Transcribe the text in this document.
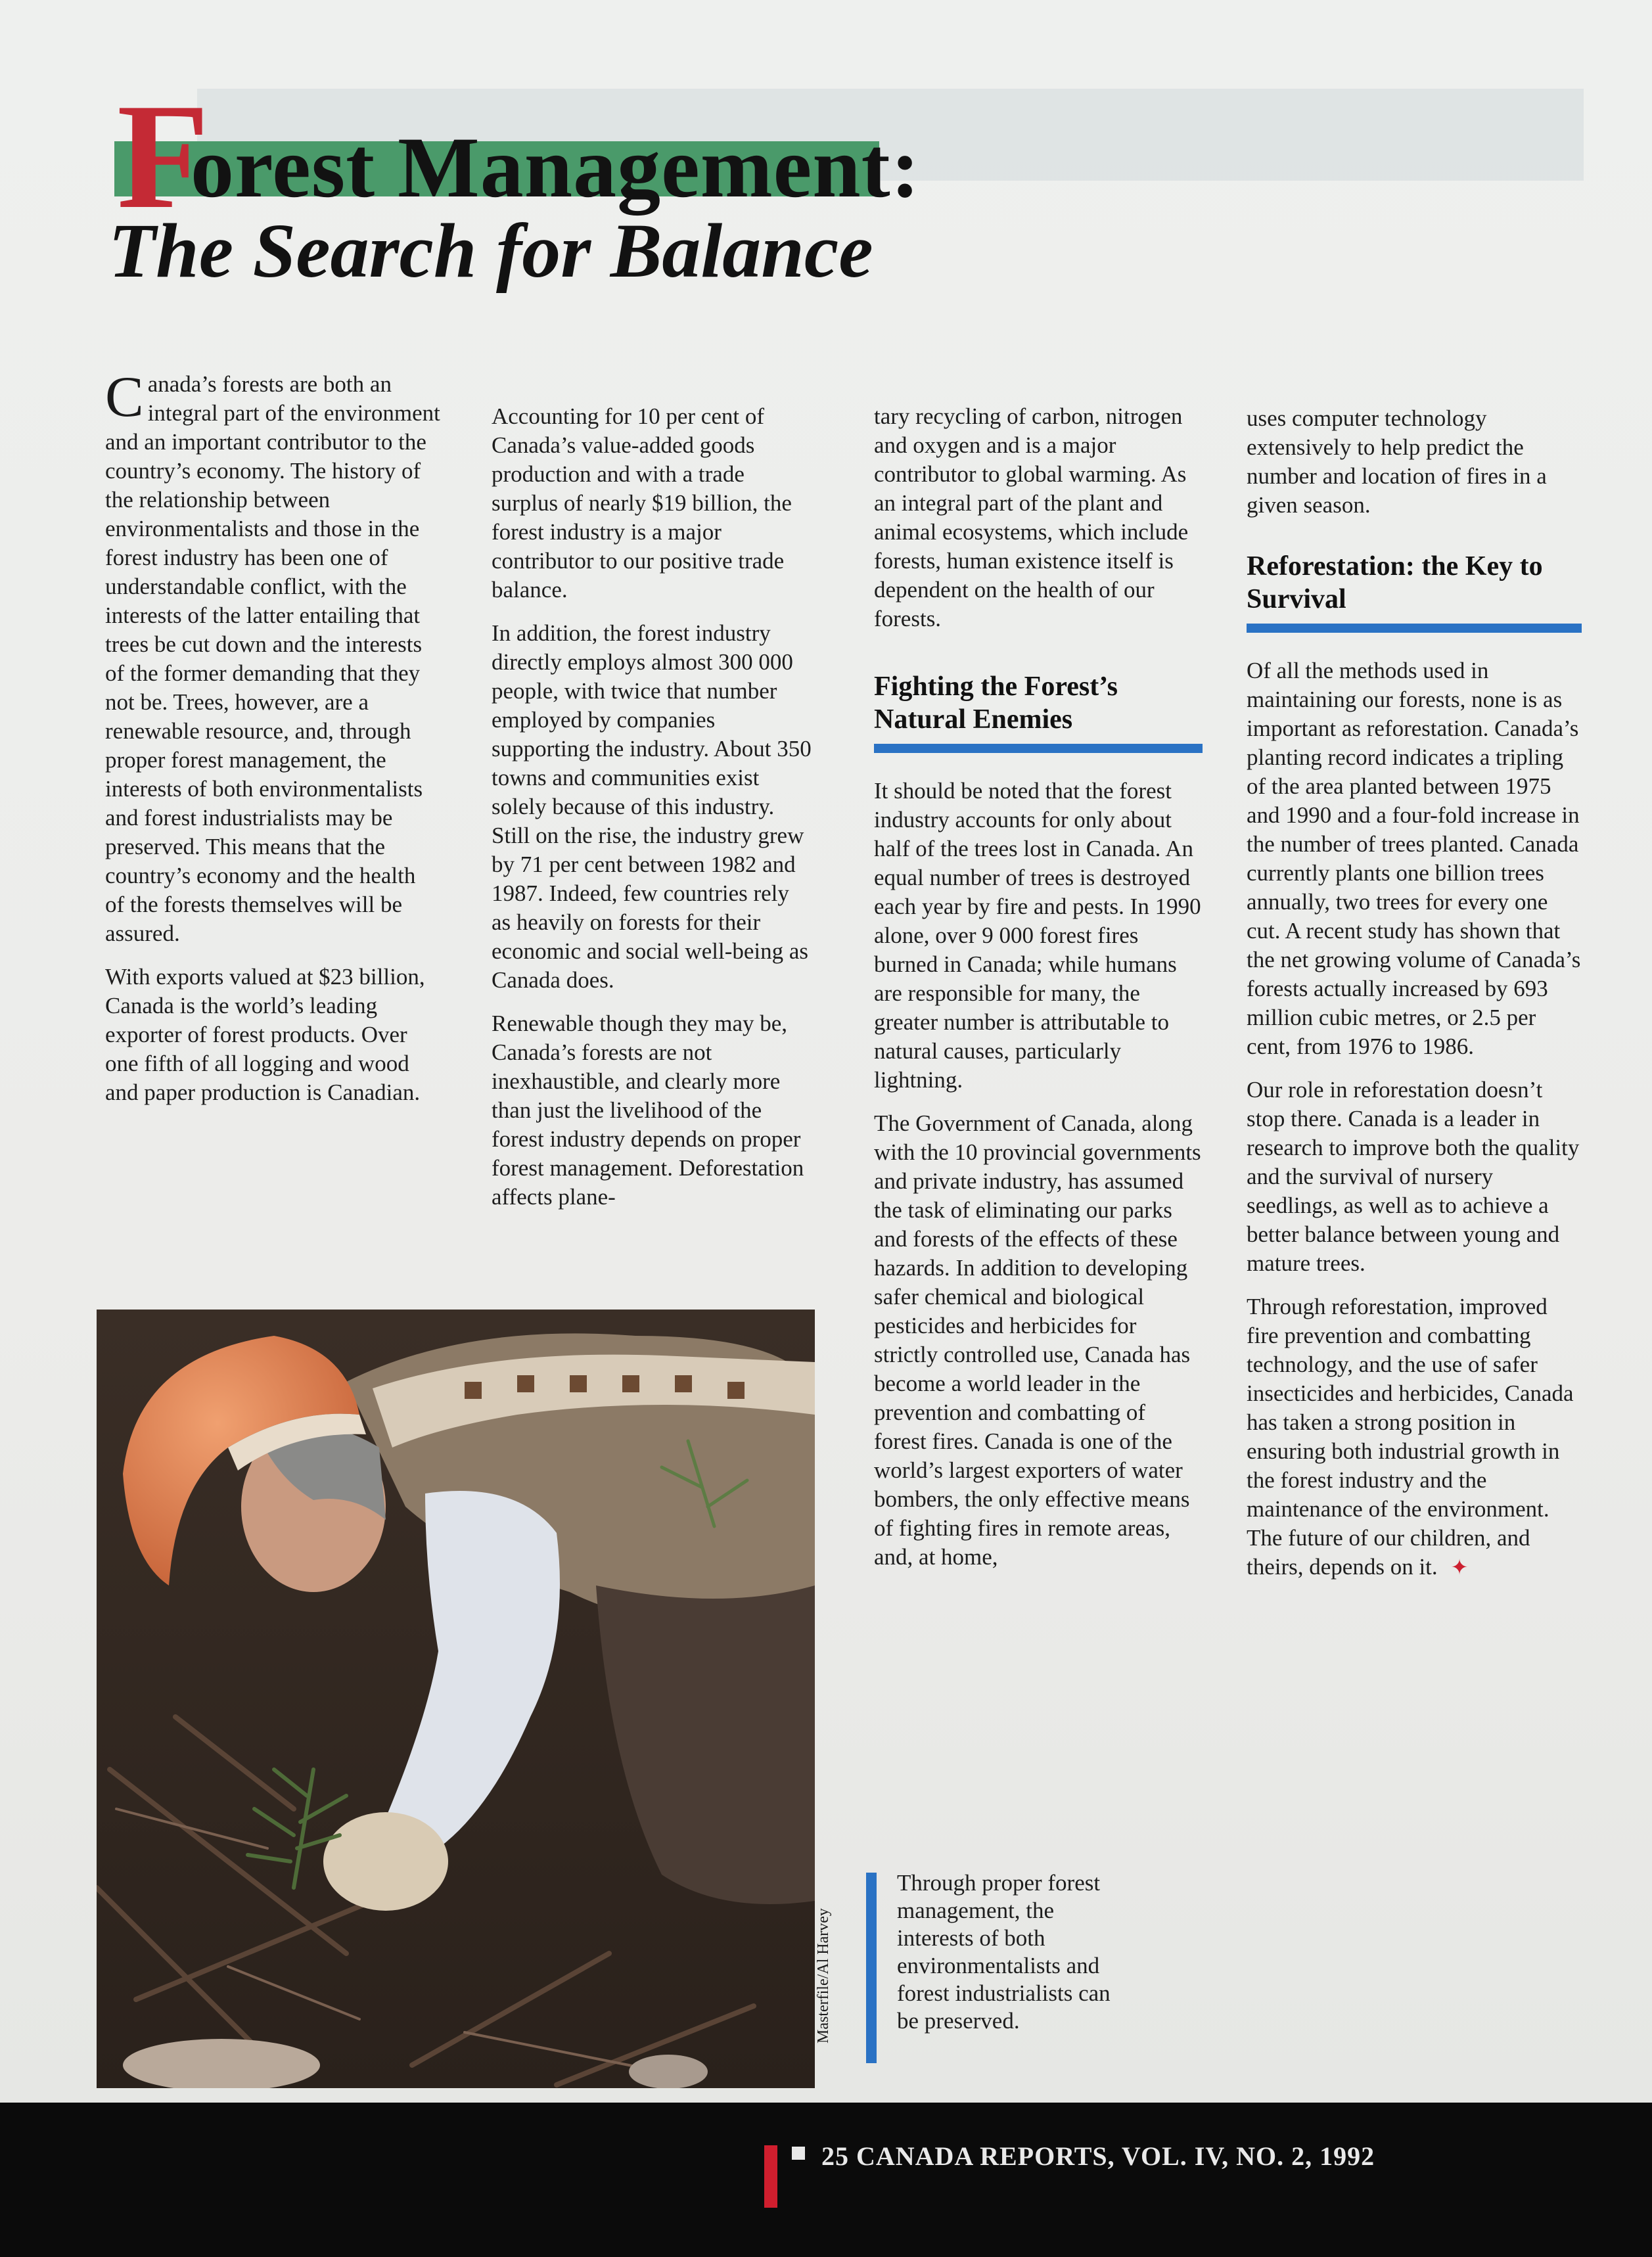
F
orest Management:
The Search for Balance

Canada’s forests are both an integral part of the environment and an important contributor to the country’s economy. The history of the relationship between environmentalists and those in the forest industry has been one of understandable conflict, with the interests of the latter entailing that trees be cut down and the interests of the former demanding that they not be. Trees, however, are a renewable resource, and, through proper forest management, the interests of both environmentalists and forest industrialists may be preserved. This means that the country’s economy and the health of the forests themselves will be assured.

With exports valued at $23 billion, Canada is the world’s leading exporter of forest products. Over one fifth of all logging and wood and paper production is Canadian.

Accounting for 10 per cent of Canada’s value-added goods production and with a trade surplus of nearly $19 billion, the forest industry is a major contributor to our positive trade balance.

In addition, the forest industry directly employs almost 300 000 people, with twice that number employed by companies supporting the industry. About 350 towns and communities exist solely because of this industry. Still on the rise, the industry grew by 71 per cent between 1982 and 1987. Indeed, few countries rely as heavily on forests for their economic and social well-being as Canada does.

Renewable though they may be, Canada’s forests are not inexhaustible, and clearly more than just the livelihood of the forest industry depends on proper forest management. Deforestation affects plane-

tary recycling of carbon, nitrogen and oxygen and is a major contributor to global warming. As an integral part of the plant and animal ecosystems, which include forests, human existence itself is dependent on the health of our forests.

Fighting the Forest’s Natural Enemies

It should be noted that the forest industry accounts for only about half of the trees lost in Canada. An equal number of trees is destroyed each year by fire and pests. In 1990 alone, over 9 000 forest fires burned in Canada; while humans are responsible for many, the greater number is attributable to natural causes, particularly lightning.

The Government of Canada, along with the 10 provincial governments and private industry, has assumed the task of eliminating our parks and forests of the effects of these hazards. In addition to developing safer chemical and biological pesticides and herbicides for strictly controlled use, Canada has become a world leader in the prevention and combatting of forest fires. Canada is one of the world’s largest exporters of water bombers, the only effective means of fighting fires in remote areas, and, at home,

uses computer technology extensively to help predict the number and location of fires in a given season.

Reforestation: the Key to Survival

Of all the methods used in maintaining our forests, none is as important as reforestation. Canada’s planting record indicates a tripling of the area planted between 1975 and 1990 and a four-fold increase in the number of trees planted. Canada currently plants one billion trees annually, two trees for every one cut. A recent study has shown that the net growing volume of Canada’s forests actually increased by 693 million cubic metres, or 2.5 per cent, from 1976 to 1986.

Our role in reforestation doesn’t stop there. Canada is a leader in research to improve both the quality and the survival of nursery seedlings, as well as to achieve a better balance between young and mature trees.

Through reforestation, improved fire prevention and combatting technology, and the use of safer insecticides and herbicides, Canada has taken a strong position in ensuring both industrial growth in the forest industry and the maintenance of the environment. The future of our children, and theirs, depends on it. ✦

Masterfile/Al Harvey
Through proper forest management, the interests of both environmentalists and forest industrialists can be preserved.
25 CANADA REPORTS, VOL. IV, NO. 2, 1992
